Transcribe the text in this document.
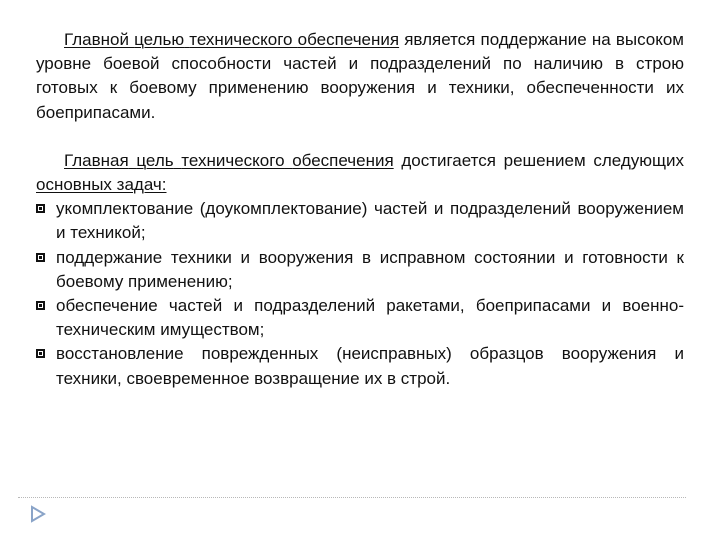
Главной целью технического обеспечения является поддержание на высоком уровне боевой способности частей и подразделений по наличию в строю готовых к боевому применению вооружения и техники, обеспеченности их боеприпасами.

Главная цель технического обеспечения достигается решением следующих основных задач:

укомплектование (доукомплектование) частей и подразделений вооружением и техникой;
поддержание техники и вооружения в исправном состоянии и готовности к боевому применению;
обеспечение частей и подразделений ракетами, боеприпасами и военно-техническим имуществом;
восстановление поврежденных (неисправных) образцов вооружения и техники, своевременное возвращение их в строй.
